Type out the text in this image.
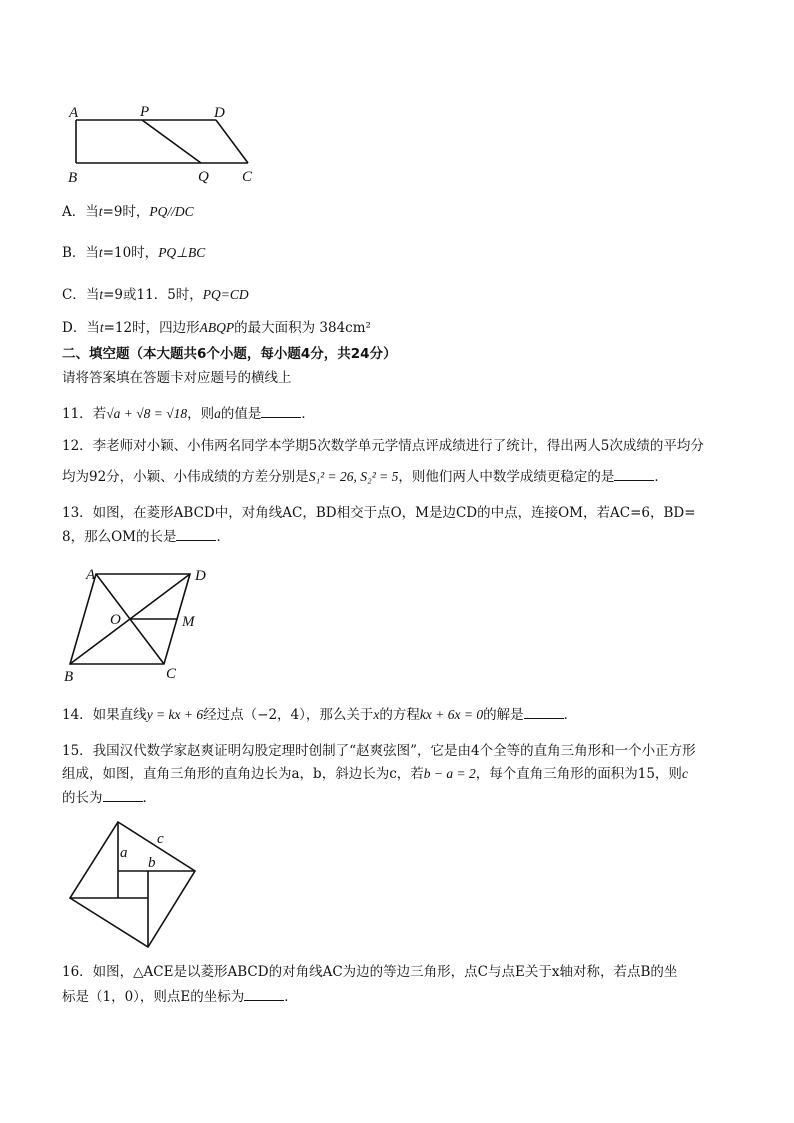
A	P	D
B	Q C
A．当t=9时，PQ//DC
B．当t=10时，PQ⊥BC
C．当t=9或11．5时，PQ=CD
D．当t=12时，四边形ABQP的最大面积为 384cm²
二、填空题（本大题共6个小题，每小题4分，共24分）
请将答案填在答题卡对应题号的横线上
11．若√a + √8 = √18，则a的值是	．
12．李老师对小颖、小伟两名同学本学期5次数学单元学情点评成绩进行了统计，得出两人5次成绩的平均分
均为92分，小颖、小伟成绩的方差分别是S₁² = 26, S₂² = 5，则他们两人中数学成绩更稳定的是	．
13．如图，在菱形ABCD中，对角线AC，BD相交于点O，M是边CD的中点，连接OM，若AC=6，BD=
8，那么OM的长是	．
A	D
O	M
B	C
14．如果直线y = kx + 6经过点（−2，4），那么关于x的方程kx + 6x = 0的解是	．
15．我国汉代数学家赵爽证明勾股定理时创制了“赵爽弦图”，它是由4个全等的直角三角形和一个小正方形
组成，如图，直角三角形的直角边长为a，b，斜边长为c，若b − a = 2，每个直角三角形的面积为15，则c
的长为	．
a
b
c
16．如图，△ACE是以菱形ABCD的对角线AC为边的等边三角形，点C与点E关于x轴对称，若点B的坐
标是（1，0），则点E的坐标为	．
